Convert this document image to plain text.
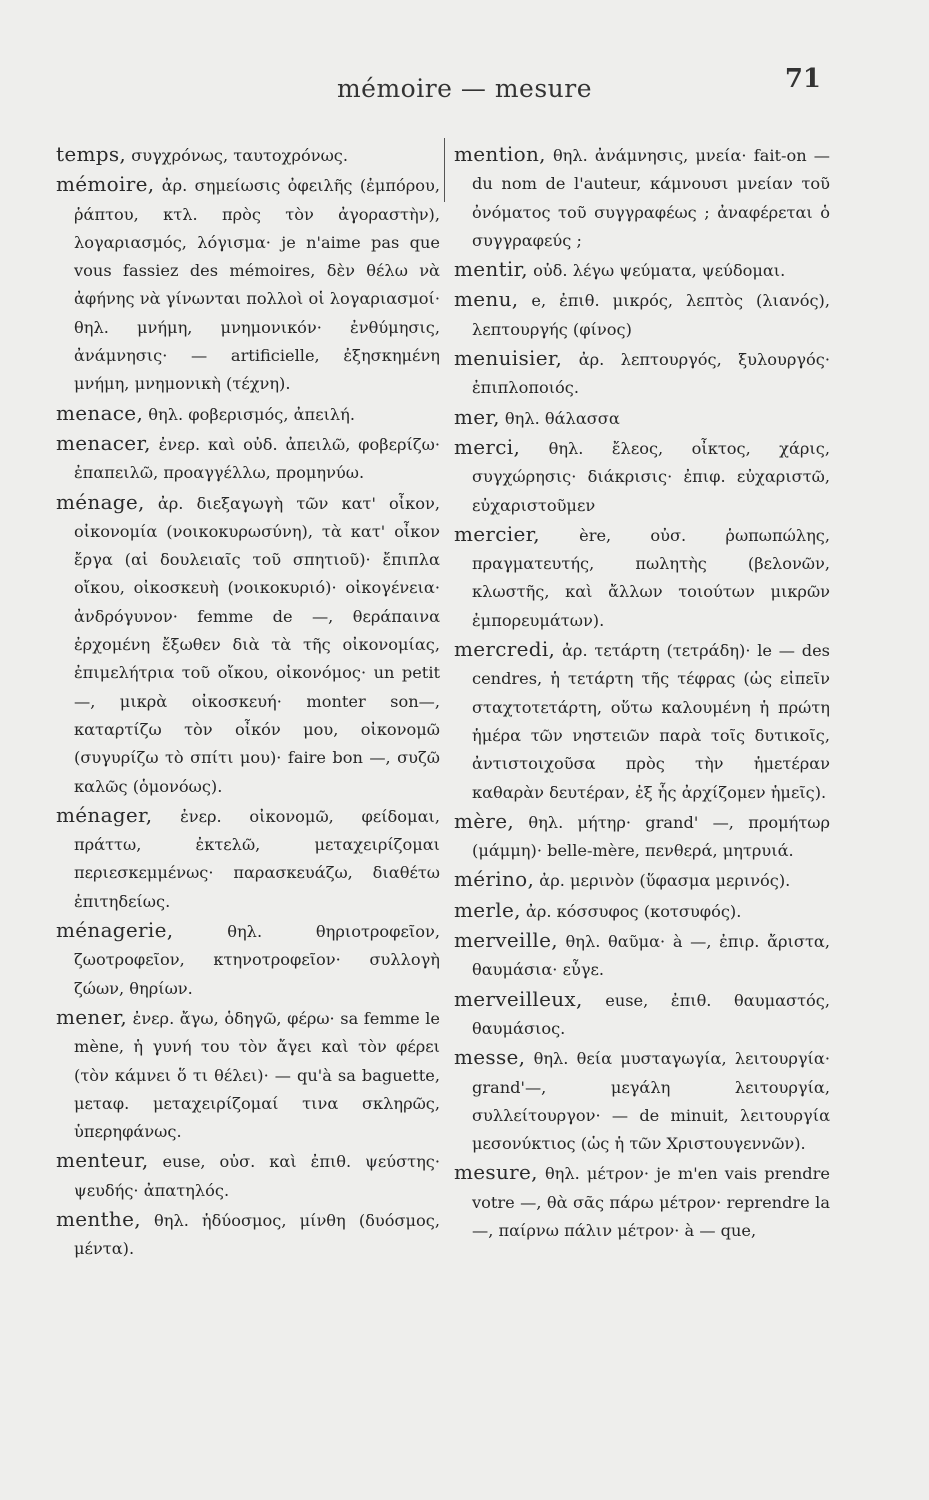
mémoire — mesure	71

temps, συγχρόνως, ταυτοχρόνως.

mémoire, ἀρ. σημείωσις ὀφειλῆς (ἐμπόρου, ῥάπτου, κτλ. πρὸς τὸν ἀγοραστὴν), λογαριασμός, λόγισμα· je n'aime pas que vous fassiez des mémoires, δὲν θέλω νὰ ἀφήνης νὰ γίνωνται πολλοὶ οἱ λογαριασμοί· θηλ. μνήμη, μνημονικόν· ἐνθύμησις, ἀνάμνησις· — artificielle, ἐξησκημένη μνήμη, μνημονικὴ (τέχνη).

menace, θηλ. φοβερισμός, ἀπειλή.

menacer, ἐνερ. καὶ οὐδ. ἀπειλῶ, φοβερίζω· ἐπαπειλῶ, προαγγέλλω, προμηνύω.

ménage, ἀρ. διεξαγωγὴ τῶν κατ' οἶκον, οἰκονομία (νοικοκυρωσύνη), τὰ κατ' οἶκον ἔργα (αἱ δουλειαῖς τοῦ σπητιοῦ)· ἔπιπλα οἴκου, οἰκοσκευὴ (νοικοκυριό)· οἰκογένεια· ἀνδρόγυνον· femme de —, θεράπαινα ἐρχομένη ἔξωθεν διὰ τὰ τῆς οἰκονομίας, ἐπιμελήτρια τοῦ οἴκου, οἰκονόμος· un petit —, μικρὰ οἰκοσκευή· monter son—, καταρτίζω τὸν οἶκόν μου, οἰκονομῶ (συγυρίζω τὸ σπίτι μου)· faire bon —, συζῶ καλῶς (ὁμονόως).

ménager, ἐνερ. οἰκονομῶ, φείδομαι, πράττω, ἐκτελῶ, μεταχειρίζομαι περιεσκεμμένως· παρασκευάζω, διαθέτω ἐπιτηδείως.

ménagerie,	θηλ. θηριοτροφεῖον, ζωοτροφεῖον, κτηνοτροφεῖον· συλλογὴ ζώων, θηρίων.

mener, ἐνερ. ἄγω, ὁδηγῶ, φέρω· sa femme le mène, ἡ γυνή του τὸν ἄγει καὶ τὸν φέρει (τὸν κάμνει ὅ τι θέλει)· — qu'à sa baguette, μεταφ. μεταχειρίζομαί τινα σκληρῶς, ὑπερηφάνως.

menteur, euse, οὐσ. καὶ ἐπιθ. ψεύστης· ψευδής· ἀπατηλός.

menthe, θηλ. ἡδύοσμος, μίνθη (δυόσμος, μέντα).

mention, θηλ. ἀνάμνησις, μνεία· fait-on — du nom de l'auteur, κάμνουσι μνείαν τοῦ ὀνόματος τοῦ συγγραφέως ; ἀναφέρεται ὁ συγγραφεύς ;

mentir, οὐδ. λέγω ψεύματα, ψεύδομαι.

menu, e, ἐπιθ. μικρός, λεπτὸς (λιανός), λεπτουργής (φίνος)

menuisier, ἀρ. λεπτουργός, ξυλουργός· ἐπιπλοποιός.

mer, θηλ. θάλασσα

merci, θηλ. ἔλεος, οἶκτος, χάρις, συγχώρησις· διάκρισις· ἐπιφ. εὐχαριστῶ, εὐχαριστοῦμεν

mercier, ère, οὐσ. ῥωπωπώλης, πραγματευτής, πωλητὴς (βελονῶν, κλωστῆς, καὶ ἄλλων τοιούτων μικρῶν ἐμπορευμάτων).

mercredi, ἀρ. τετάρτη (τετράδη)· le — des cendres, ἡ τετάρτη τῆς τέφρας (ὡς εἰπεῖν σταχτοτετάρτη, οὕτω καλουμένη ἡ πρώτη ἡμέρα τῶν νηστειῶν παρὰ τοῖς δυτικοῖς, ἀντιστοιχοῦσα πρὸς τὴν ἡμετέραν καθαρὰν δευτέραν, ἐξ ἧς ἀρχίζομεν ἡμεῖς).

mère, θηλ. μήτηρ· grand' —, προμήτωρ (μάμμη)· belle-mère, πενθερά, μητρυιά.

mérino, ἀρ. μερινὸν (ὕφασμα μερινός).

merle, ἀρ. κόσσυφος (κοτσυφός).

merveille, θηλ. θαῦμα· à —, ἐπιρ. ἄριστα, θαυμάσια· εὖγε.

merveilleux, euse, ἐπιθ. θαυμαστός, θαυμάσιος.

messe, θηλ. θεία μυσταγωγία, λειτουργία· grand'—, μεγάλη λειτουργία, συλλείτουργον· — de minuit, λειτουργία μεσονύκτιος (ὡς ἡ τῶν Χριστουγεννῶν).

mesure, θηλ. μέτρον· je m'en vais prendre votre —, θὰ σᾶς πάρω μέτρον· reprendre la —, παίρνω πάλιν μέτρον· à — que,
